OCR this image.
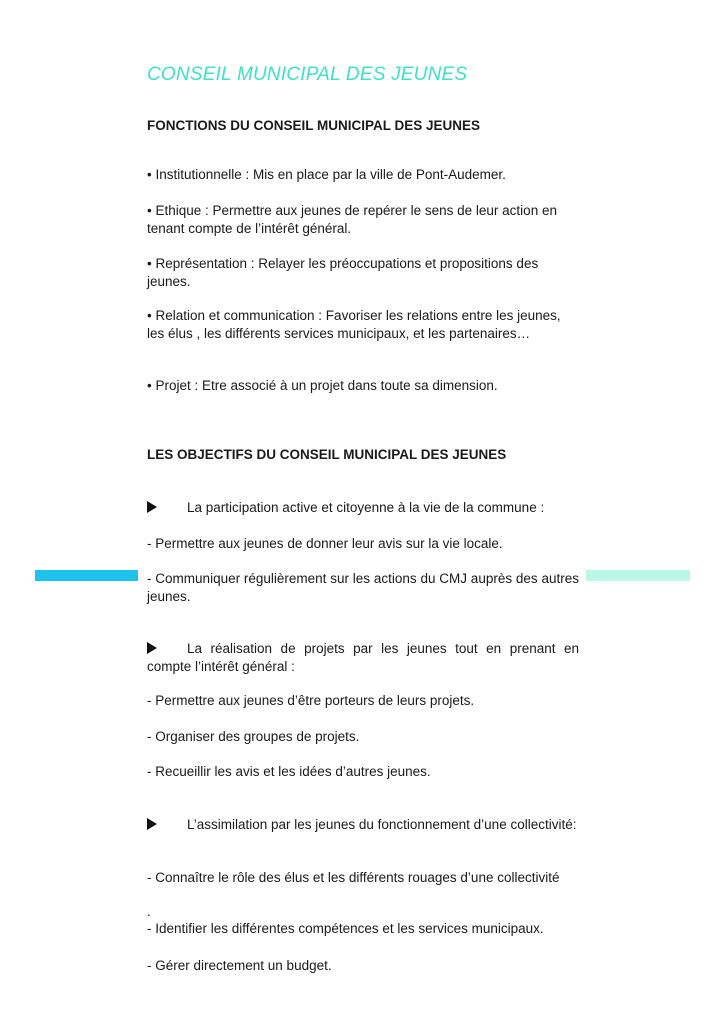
CONSEIL MUNICIPAL DES JEUNES
FONCTIONS DU CONSEIL MUNICIPAL DES JEUNES

• Institutionnelle : Mis en place par la ville de Pont-Audemer.

• Ethique : Permettre aux jeunes de repérer le sens de leur action en tenant compte de l’intérêt général.

• Représentation : Relayer les préoccupations et propositions des jeunes.

• Relation et communication : Favoriser les relations entre les jeunes, les élus , les différents services municipaux, et les partenaires…

• Projet : Etre associé à un projet dans toute sa dimension.

LES OBJECTIFS DU CONSEIL MUNICIPAL DES JEUNES

La participation active et citoyenne à la vie de la commune :

- Permettre aux jeunes de donner leur avis sur la vie locale.

- Communiquer régulièrement sur les actions du CMJ auprès des autres jeunes.

La réalisation de projets par les jeunes tout en prenant en compte l’intérêt général :

- Permettre aux jeunes d’être porteurs de leurs projets.

- Organiser des groupes de projets.

- Recueillir les avis et les idées d’autres jeunes.

L’assimilation par les jeunes du fonctionnement d’une collectivité:

- Connaître le rôle des élus et les différents rouages d’une collectivité

.

- Identifier les différentes compétences et les services municipaux.

- Gérer directement un budget.
